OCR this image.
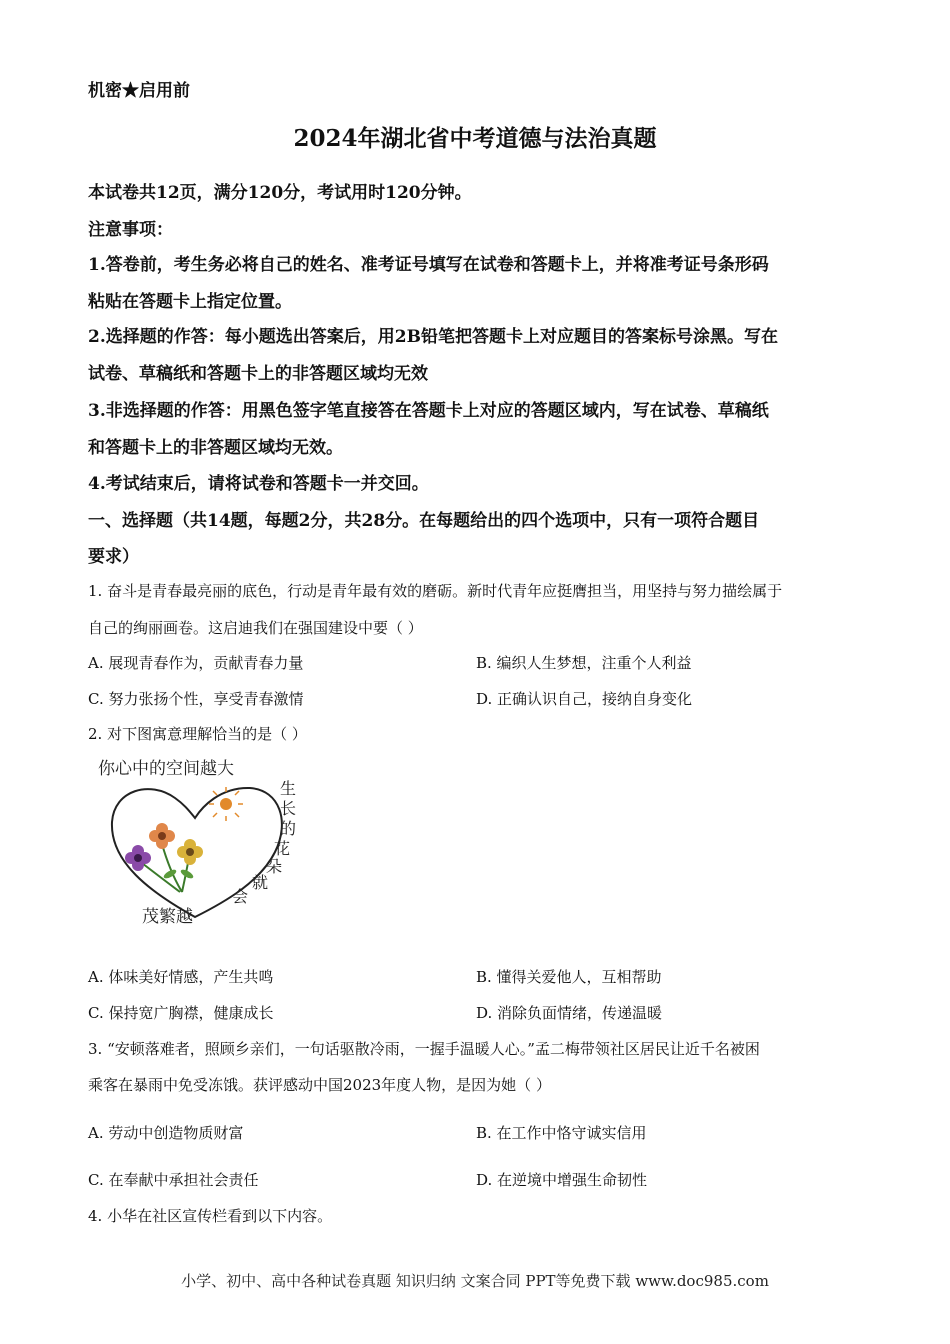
机密★启用前
2024年湖北省中考道德与法治真题
本试卷共12页，满分120分，考试用时120分钟。
注意事项：
1.答卷前，考生务必将自己的姓名、准考证号填写在试卷和答题卡上，并将准考证号条形码
粘贴在答题卡上指定位置。
2.选择题的作答：每小题选出答案后，用2B铅笔把答题卡上对应题目的答案标号涂黑。写在
试卷、草稿纸和答题卡上的非答题区域均无效
3.非选择题的作答：用黑色签字笔直接答在答题卡上对应的答题区域内，写在试卷、草稿纸
和答题卡上的非答题区域均无效。
4.考试结束后，请将试卷和答题卡一并交回。
一、选择题（共14题，每题2分，共28分。在每题给出的四个选项中，只有一项符合题目
要求）
1. 奋斗是青春最亮丽的底色，行动是青年最有效的磨砺。新时代青年应挺膺担当，用坚持与努力描绘属于
自己的绚丽画卷。这启迪我们在强国建设中要（ ）
A. 展现青春作为，贡献青春力量	B. 编织人生梦想，注重个人利益
C. 努力张扬个性，享受青春激情	D. 正确认识自己，接纳自身变化
2. 对下图寓意理解恰当的是（ ）
你心中的空间越大
生
长
的
花
朵
就
会
茂繁越
A. 体味美好情感，产生共鸣	B. 懂得关爱他人，互相帮助
C. 保持宽广胸襟，健康成长	D. 消除负面情绪，传递温暖
3. “安顿落难者，照顾乡亲们，一句话驱散冷雨，一握手温暖人心。”孟二梅带领社区居民让近千名被困
乘客在暴雨中免受冻饿。获评感动中国2023年度人物，是因为她（ ）
A. 劳动中创造物质财富	B. 在工作中恪守诚实信用
C. 在奉献中承担社会责任	D. 在逆境中增强生命韧性
4. 小华在社区宣传栏看到以下内容。
小学、初中、高中各种试卷真题 知识归纳 文案合同 PPT等免费下载 www.doc985.com
